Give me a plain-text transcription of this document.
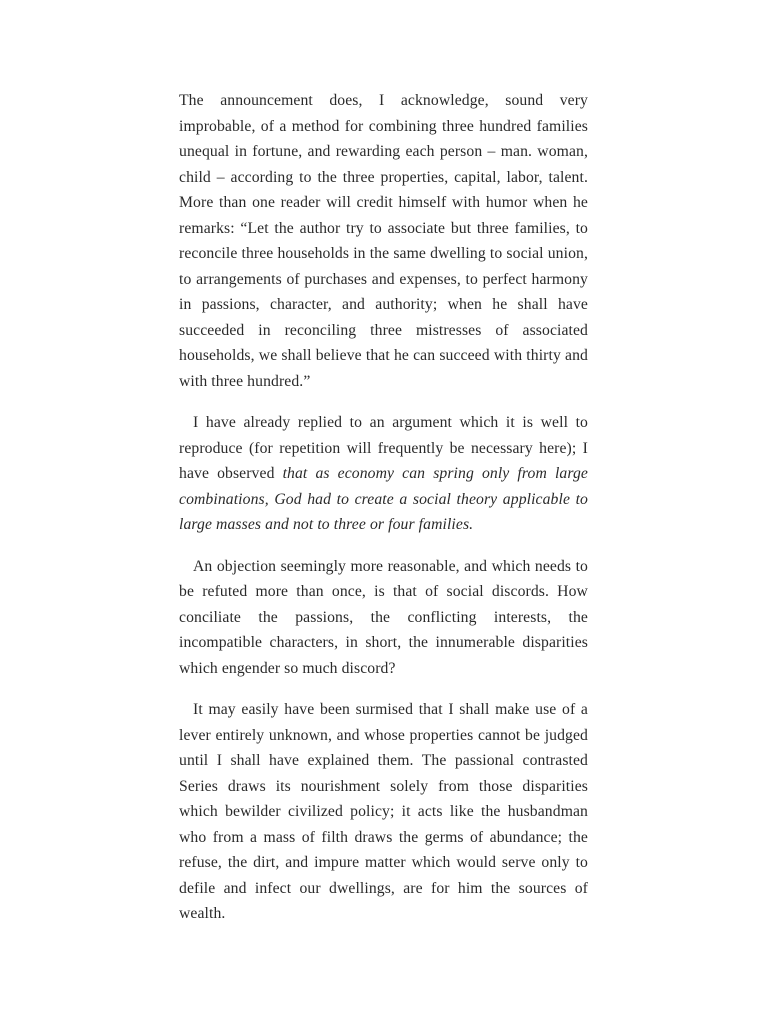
The announcement does, I acknowledge, sound very improbable, of a method for combining three hundred families unequal in fortune, and rewarding each person – man. woman, child – according to the three properties, capital, labor, talent. More than one reader will credit himself with humor when he remarks: “Let the author try to associate but three families, to reconcile three households in the same dwelling to social union, to arrangements of purchases and expenses, to perfect harmony in passions, character, and authority; when he shall have succeeded in reconciling three mistresses of associated households, we shall believe that he can succeed with thirty and with three hundred.”

I have already replied to an argument which it is well to reproduce (for repetition will frequently be necessary here); I have observed that as economy can spring only from large combinations, God had to create a social theory applicable to large masses and not to three or four families.

An objection seemingly more reasonable, and which needs to be refuted more than once, is that of social discords. How conciliate the passions, the conflicting interests, the incompatible characters, in short, the innumerable disparities which engender so much discord?

It may easily have been surmised that I shall make use of a lever entirely unknown, and whose properties cannot be judged until I shall have explained them. The passional contrasted Series draws its nourishment solely from those disparities which bewilder civilized policy; it acts like the husbandman who from a mass of filth draws the germs of abundance; the refuse, the dirt, and impure matter which would serve only to defile and infect our dwellings, are for him the sources of wealth.
